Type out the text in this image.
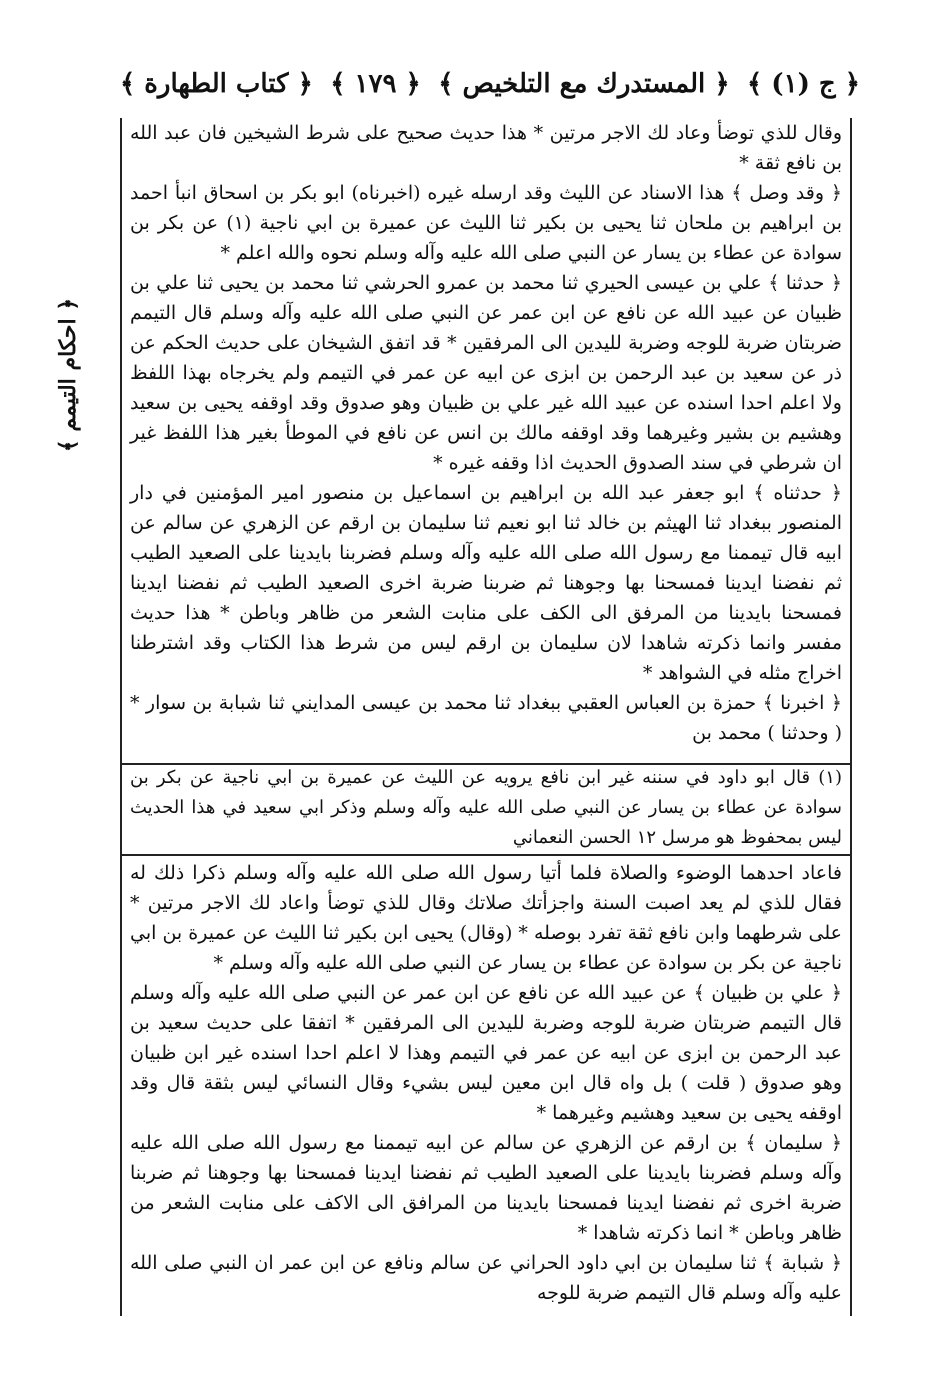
﴿ ج (١) ﴾
﴿ المستدرك مع التلخيص ﴾
﴿ ١٧٩ ﴾
﴿ كتاب الطهارة ﴾
﴿ احكام التيمم ﴾

وقال للذي توضأ وعاد لك الاجر مرتين * هذا حديث صحيح على شرط الشيخين فان عبد الله بن نافع ثقة *

﴿ وقد وصل ﴾ هذا الاسناد عن الليث وقد ارسله غيره (اخبرناه) ابو بكر بن اسحاق انبأ احمد بن ابراهيم بن ملحان ثنا يحيى بن بكير ثنا الليث عن عميرة بن ابي ناجية (١) عن بكر بن سوادة عن عطاء بن يسار عن النبي صلى الله عليه وآله وسلم نحوه والله اعلم *

﴿ حدثنا ﴾ علي بن عيسى الحيري ثنا محمد بن عمرو الحرشي ثنا محمد بن يحيى ثنا علي بن ظبيان عن عبيد الله عن نافع عن ابن عمر عن النبي صلى الله عليه وآله وسلم قال التيمم ضربتان ضربة للوجه وضربة لليدين الى المرفقين * قد اتفق الشيخان على حديث الحكم عن ذر عن سعيد بن عبد الرحمن بن ابزى عن ابيه عن عمر في التيمم ولم يخرجاه بهذا اللفظ ولا اعلم احدا اسنده عن عبيد الله غير علي بن ظبيان وهو صدوق وقد اوقفه يحيى بن سعيد وهشيم بن بشير وغيرهما وقد اوقفه مالك بن انس عن نافع في الموطأ بغير هذا اللفظ غير ان شرطي في سند الصدوق الحديث اذا وقفه غيره *

﴿ حدثناه ﴾ ابو جعفر عبد الله بن ابراهيم بن اسماعيل بن منصور امير المؤمنين في دار المنصور ببغداد ثنا الهيثم بن خالد ثنا ابو نعيم ثنا سليمان بن ارقم عن الزهري عن سالم عن ابيه قال تيممنا مع رسول الله صلى الله عليه وآله وسلم فضربنا بايدينا على الصعيد الطيب ثم نفضنا ايدينا فمسحنا بها وجوهنا ثم ضربنا ضربة اخرى الصعيد الطيب ثم نفضنا ايدينا فمسحنا بايدينا من المرفق الى الكف على منابت الشعر من ظاهر وباطن * هذا حديث مفسر وانما ذكرته شاهدا لان سليمان بن ارقم ليس من شرط هذا الكتاب وقد اشترطنا اخراج مثله في الشواهد *

﴿ اخبرنا ﴾ حمزة بن العباس العقبي ببغداد ثنا محمد بن عيسى المدايني ثنا شبابة بن سوار * ( وحدثنا ) محمد بن

(١) قال ابو داود في سننه غير ابن نافع يرويه عن الليث عن عميرة بن ابي ناجية عن بكر بن سوادة عن عطاء بن يسار عن النبي صلى الله عليه وآله وسلم وذكر ابي سعيد في هذا الحديث ليس بمحفوظ هو مرسل ١٢ الحسن النعماني

فاعاد احدهما الوضوء والصلاة فلما أتيا رسول الله صلى الله عليه وآله وسلم ذكرا ذلك له فقال للذي لم يعد اصبت السنة واجزأتك صلاتك وقال للذي توضأ واعاد لك الاجر مرتين * على شرطهما وابن نافع ثقة تفرد بوصله * (وقال) يحيى ابن بكير ثنا الليث عن عميرة بن ابي ناجية عن بكر بن سوادة عن عطاء بن يسار عن النبي صلى الله عليه وآله وسلم *

﴿ علي بن ظبيان ﴾ عن عبيد الله عن نافع عن ابن عمر عن النبي صلى الله عليه وآله وسلم قال التيمم ضربتان ضربة للوجه وضربة لليدين الى المرفقين * اتفقا على حديث سعيد بن عبد الرحمن بن ابزى عن ابيه عن عمر في التيمم وهذا لا اعلم احدا اسنده غير ابن ظبيان وهو صدوق ( قلت ) بل واه قال ابن معين ليس بشيء وقال النسائي ليس بثقة قال وقد اوقفه يحيى بن سعيد وهشيم وغيرهما *

﴿ سليمان ﴾ بن ارقم عن الزهري عن سالم عن ابيه تيممنا مع رسول الله صلى الله عليه وآله وسلم فضربنا بايدينا على الصعيد الطيب ثم نفضنا ايدينا فمسحنا بها وجوهنا ثم ضربنا ضربة اخرى ثم نفضنا ايدينا فمسحنا بايدينا من المرافق الى الاكف على منابت الشعر من ظاهر وباطن * انما ذكرته شاهدا *

﴿ شبابة ﴾ ثنا سليمان بن ابي داود الحراني عن سالم ونافع عن ابن عمر ان النبي صلى الله عليه وآله وسلم قال التيمم ضربة للوجه
